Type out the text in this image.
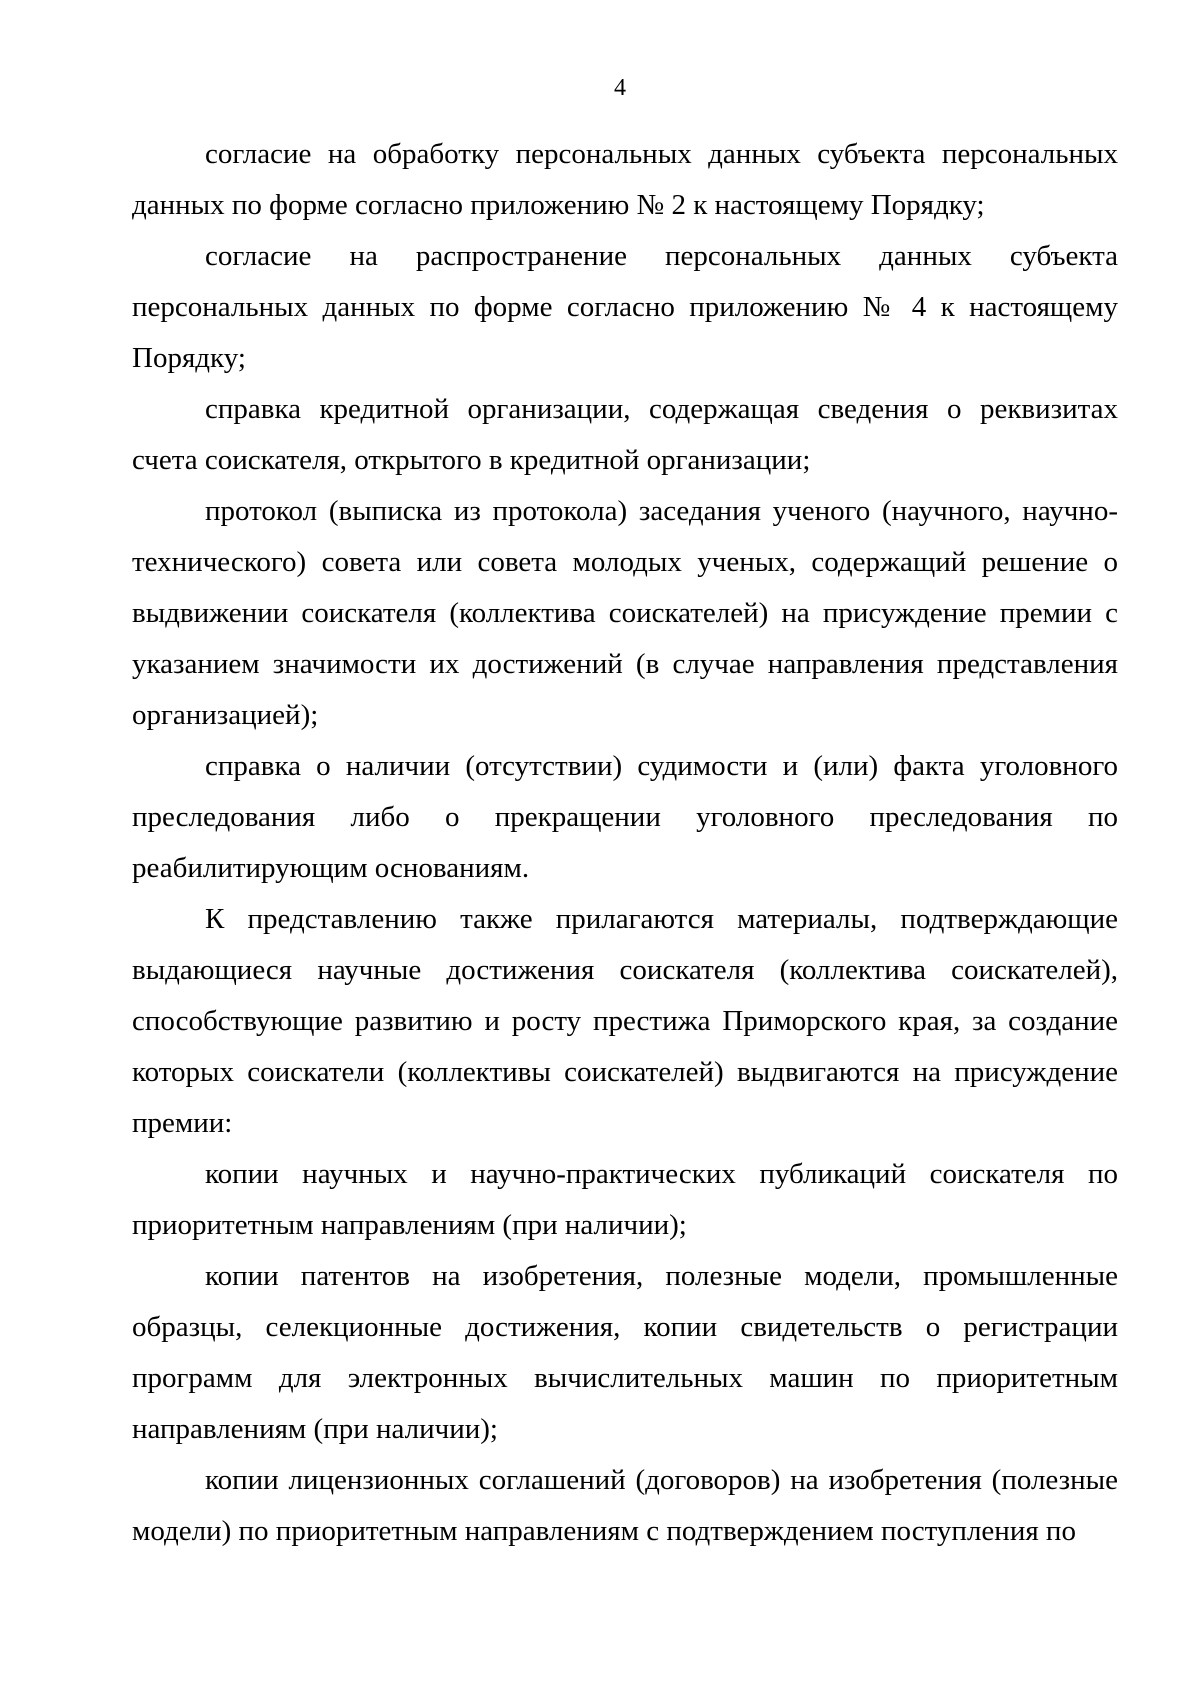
4

согласие на обработку персональных данных субъекта персональных данных по форме согласно приложению № 2 к настоящему Порядку;

согласие на распространение персональных данных субъекта персональных данных по форме согласно приложению № 4 к настоящему Порядку;

справка кредитной организации, содержащая сведения о реквизитах счета соискателя, открытого в кредитной организации;

протокол (выписка из протокола) заседания ученого (научного, научно-технического) совета или совета молодых ученых, содержащий решение о выдвижении соискателя (коллектива соискателей) на присуждение премии с указанием значимости их достижений (в случае направления представления организацией);

справка о наличии (отсутствии) судимости и (или) факта уголовного преследования либо о прекращении уголовного преследования по реабилитирующим основаниям.

К представлению также прилагаются материалы, подтверждающие выдающиеся научные достижения соискателя (коллектива соискателей), способствующие развитию и росту престижа Приморского края, за создание которых соискатели (коллективы соискателей) выдвигаются на присуждение премии:

копии научных и научно-практических публикаций соискателя по приоритетным направлениям (при наличии);

копии патентов на изобретения, полезные модели, промышленные образцы, селекционные достижения, копии свидетельств о регистрации программ для электронных вычислительных машин по приоритетным направлениям (при наличии);

копии лицензионных соглашений (договоров) на изобретения (полезные модели) по приоритетным направлениям с подтверждением поступления по
